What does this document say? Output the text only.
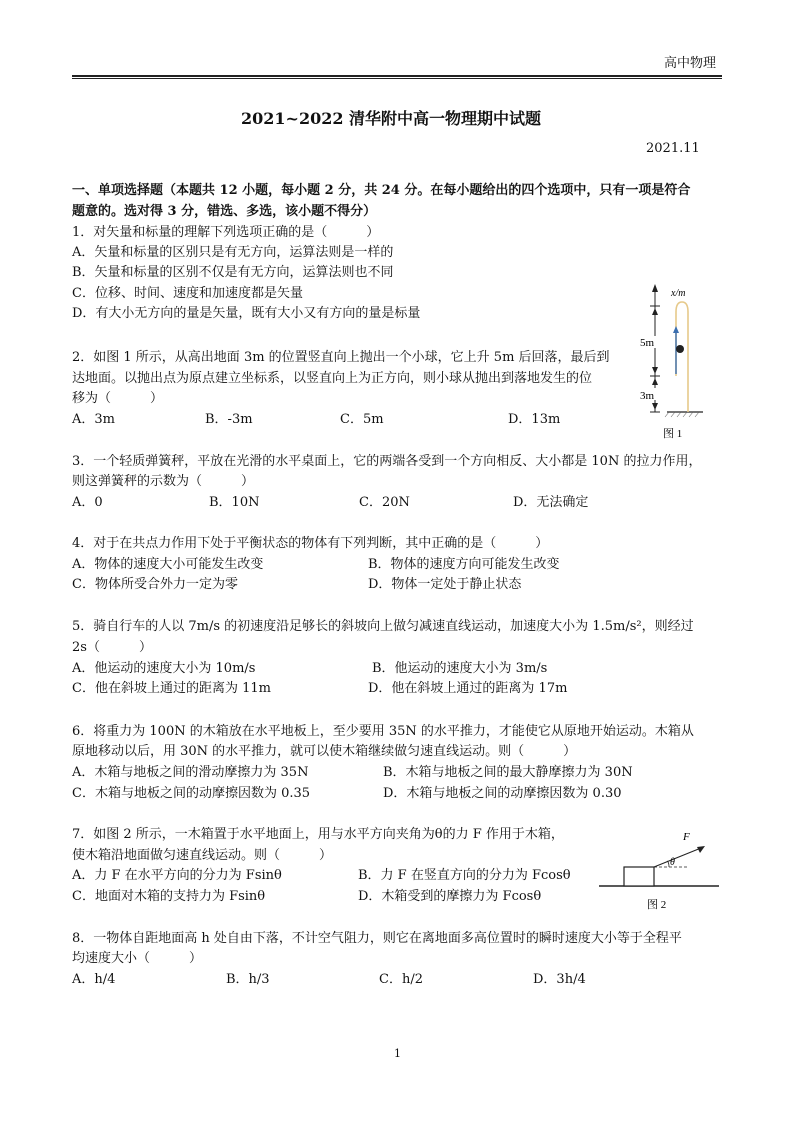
高中物理
2021~2022 清华附中高一物理期中试题
2021.11
一、单项选择题（本题共 12 小题，每小题 2 分，共 24 分。在每小题给出的四个选项中，只有一项是符合
题意的。选对得 3 分，错选、多选，该小题不得分）
1．对矢量和标量的理解下列选项正确的是（　　　）
A．矢量和标量的区别只是有无方向，运算法则是一样的
B．矢量和标量的区别不仅是有无方向，运算法则也不同
C．位移、时间、速度和加速度都是矢量
D．有大小无方向的量是矢量，既有大小又有方向的量是标量
2．如图 1 所示，从高出地面 3m 的位置竖直向上抛出一个小球，它上升 5m 后回落，最后到
达地面。以抛出点为原点建立坐标系，以竖直向上为正方向，则小球从抛出到落地发生的位
移为（　　　）
A．3m	B．-3m	C．5m	D．13m
x/m
5m
3m
图 1
3．一个轻质弹簧秤，平放在光滑的水平桌面上，它的两端各受到一个方向相反、大小都是 10N 的拉力作用，
则这弹簧秤的示数为（　　　）
A．0	B．10N	C．20N	D．无法确定
4．对于在共点力作用下处于平衡状态的物体有下列判断，其中正确的是（　　　）
A．物体的速度大小可能发生改变	B．物体的速度方向可能发生改变
C．物体所受合外力一定为零	D．物体一定处于静止状态
5．骑自行车的人以 7m/s 的初速度沿足够长的斜坡向上做匀减速直线运动，加速度大小为 1.5m/s²，则经过
2s（　　　）
A．他运动的速度大小为 10m/s	B．他运动的速度大小为 3m/s
C．他在斜坡上通过的距离为 11m	D．他在斜坡上通过的距离为 17m
6．将重力为 100N 的木箱放在水平地板上，至少要用 35N 的水平推力，才能使它从原地开始运动。木箱从
原地移动以后，用 30N 的水平推力，就可以使木箱继续做匀速直线运动。则（　　　）
A．木箱与地板之间的滑动摩擦力为 35N	B．木箱与地板之间的最大静摩擦力为 30N
C．木箱与地板之间的动摩擦因数为 0.35	D．木箱与地板之间的动摩擦因数为 0.30
7．如图 2 所示，一木箱置于水平地面上，用与水平方向夹角为θ的力 F 作用于木箱，
使木箱沿地面做匀速直线运动。则（　　　）
A．力 F 在水平方向的分力为 Fsinθ	B．力 F 在竖直方向的分力为 Fcosθ
C．地面对木箱的支持力为 Fsinθ	D．木箱受到的摩擦力为 Fcosθ
F
θ
图 2
8．一物体自距地面高 h 处自由下落，不计空气阻力，则它在离地面多高位置时的瞬时速度大小等于全程平
均速度大小（　　　）
A．h/4	B．h/3	C．h/2	D．3h/4
1
